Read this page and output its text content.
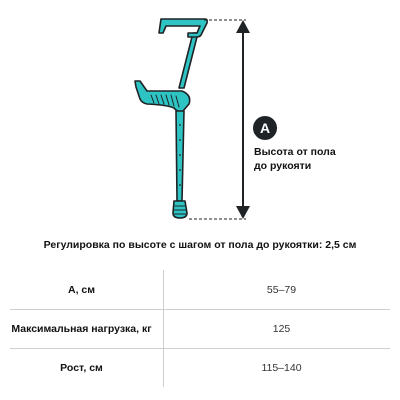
A
Высота от пола
до рукояти
Регулировка по высоте с шагом от пола до рукоятки: 2,5 см
А, см	55–79
Максимальная нагрузка, кг	125
Рост, см	115–140
